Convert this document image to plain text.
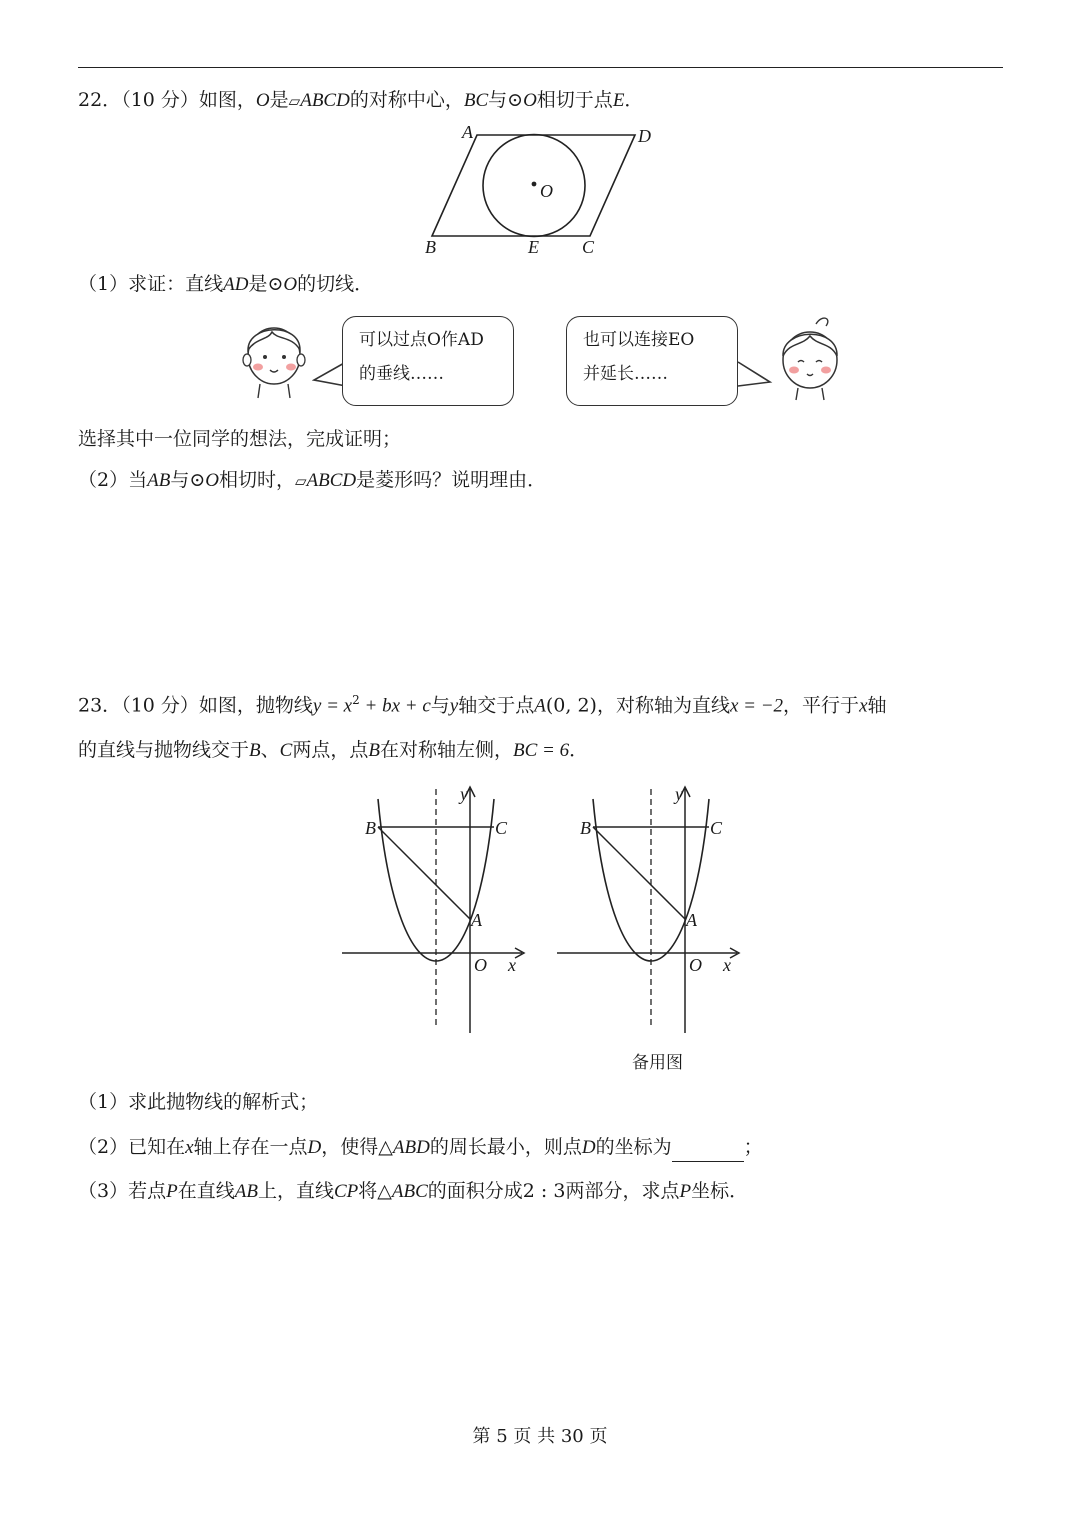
22．（10 分）如图，O是▱ABCD的对称中心，BC与⊙O相切于点E．
A	D
B	E C
O
（1）求证：直线AD是⊙O的切线．
可以过点O作AD
的垂线……
也可以连接EO
并延长……
选择其中一位同学的想法，完成证明；
（2）当AB与⊙O相切时，▱ABCD是菱形吗？说明理由．
23．（10 分）如图，抛物线$y = x^2$ + bx + c与y轴交于点A(0, 2)，对称轴为直线x = −2，平行于x轴
的直线与抛物线交于B、C两点，点B在对称轴左侧，BC = 6．
y
B	C
A
O x
y
B	C
A
O x
备用图
（1）求此抛物线的解析式；
（2）已知在x轴上存在一点D，使得△ABD的周长最小，则点D的坐标为	；
（3）若点P在直线AB上，直线CP将△ABC的面积分成2 : 3两部分，求点P坐标．
第 5 页 共 30 页
